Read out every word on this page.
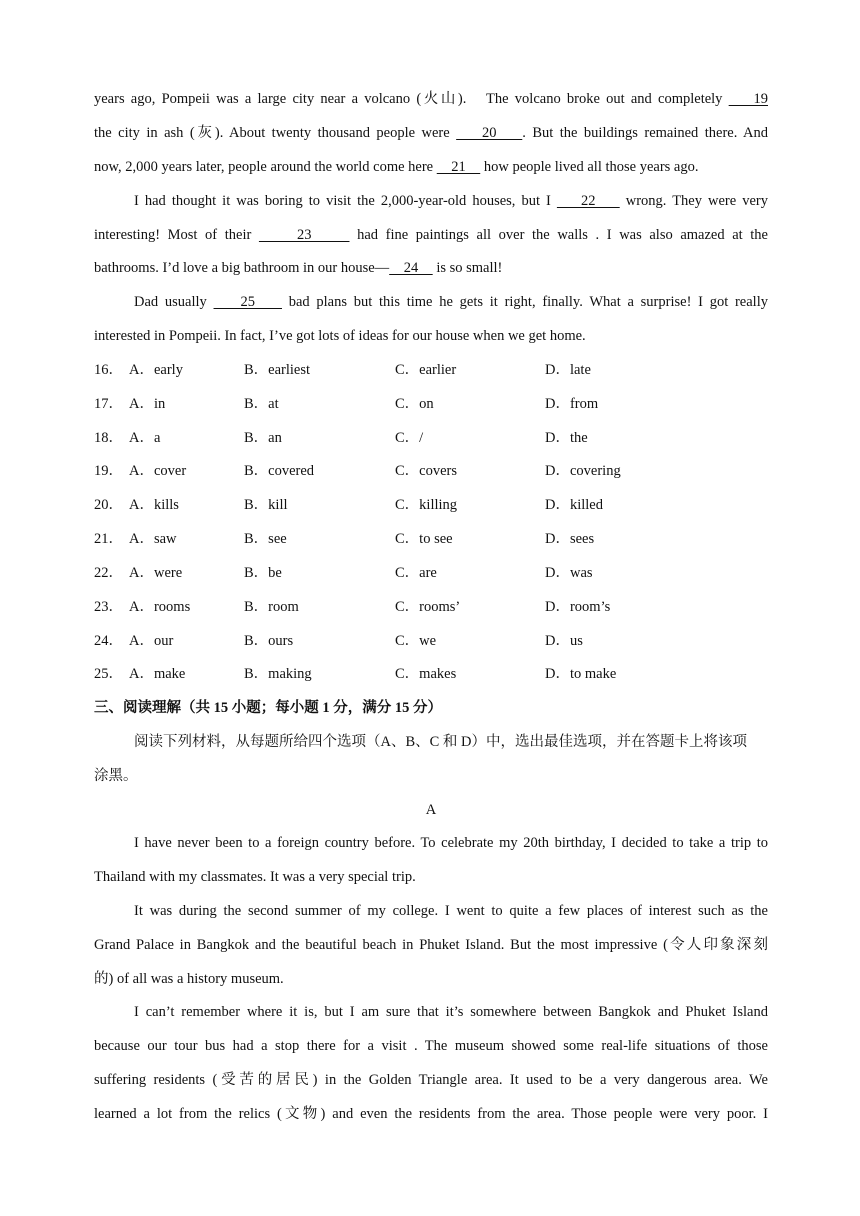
years ago, Pompeii was a large city near a volcano (火山).　The volcano broke out and completely     19
the city in ash (灰). About twenty thousand people were     20    . But the buildings remained there. And
now, 2,000 years later, people around the world come here     21     how people lived all those years ago.
I had thought it was boring to visit the 2,000-year-old houses, but I     22     wrong. They were very
interesting! Most of their      23      had fine paintings all over the walls . I was also amazed at the
bathrooms. I’d love a big bathroom in our house—    24     is so small!
Dad usually     25     bad plans but this time he gets it right, finally. What a surprise! I got really
interested in Pompeii. In fact, I’ve got lots of ideas for our house when we get home.
16． A．early	B．earliest	C．earlier	D．late
17． A．in	B．at	C．on	D．from
18． A．a	B．an	C．/	D．the
19． A．cover	B．covered	C．covers	D．covering
20． A．kills	B．kill	C．killing	D．killed
21． A．saw	B．see	C．to see	D．sees
22． A．were	B．be	C．are	D．was
23． A．rooms	B．room	C．rooms’	D．room’s
24． A．our	B．ours	C．we	D．us
25． A．make	B．making	C．makes	D．to make
三、阅读理解（共 15 小题；每小题 1 分，满分 15 分）
阅读下列材料，从每题所给四个选项（A、B、C 和 D）中，选出最佳选项，并在答题卡上将该项
涂黑。
A
I have never been to a foreign country before. To celebrate my 20th birthday, I decided to take a trip to
Thailand with my classmates. It was a very special trip.
It was during the second summer of my college. I went to quite a few places of interest such as the
Grand Palace in Bangkok and the beautiful beach in Phuket Island. But the most impressive (令人印象深刻
的) of all was a history museum.
I can’t remember where it is, but I am sure that it’s somewhere between Bangkok and Phuket Island
because our tour bus had a stop there for a visit . The museum showed some real-life situations of those
suffering residents (受苦的居民) in the Golden Triangle area. It used to be a very dangerous area. We
learned a lot from the relics (文物) and even the residents from the area. Those people were very poor. I
